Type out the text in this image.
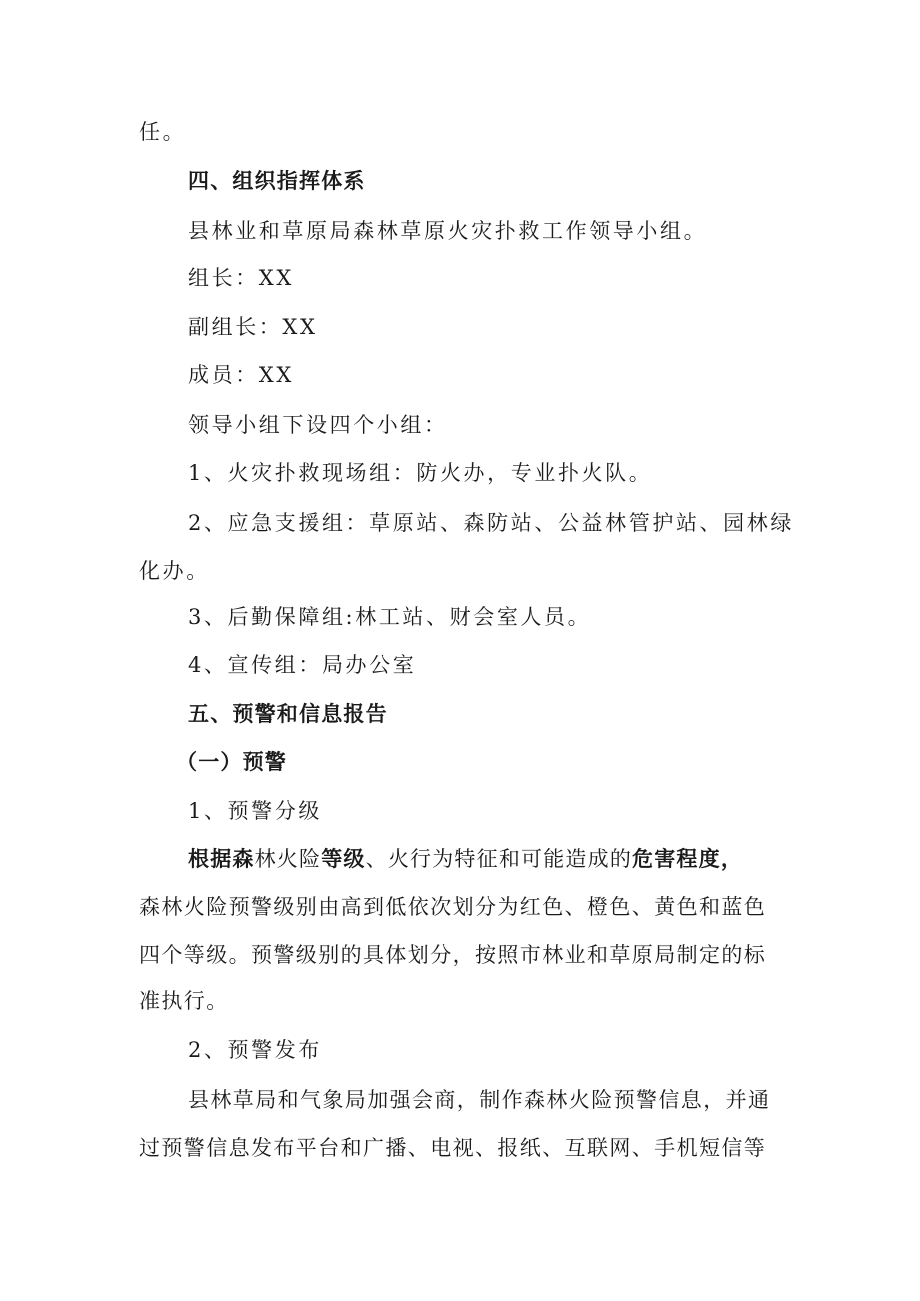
任。
四、组织指挥体系
县林业和草原局森林草原火灾扑救工作领导小组。
组长：XX
副组长：XX
成员：XX
领导小组下设四个小组：
1、火灾扑救现场组：防火办，专业扑火队。
2、应急支援组：草原站、森防站、公益林管护站、园林绿
化办。
3、后勤保障组:林工站、财会室人员。
4、宣传组：局办公室
五、预警和信息报告
（一）预警
1、预警分级
根据森林火险等级、火行为特征和可能造成的危害程度，
森林火险预警级别由高到低依次划分为红色、橙色、黄色和蓝色
四个等级。预警级别的具体划分，按照市林业和草原局制定的标
准执行。
2、预警发布
县林草局和气象局加强会商，制作森林火险预警信息，并通
过预警信息发布平台和广播、电视、报纸、互联网、手机短信等
